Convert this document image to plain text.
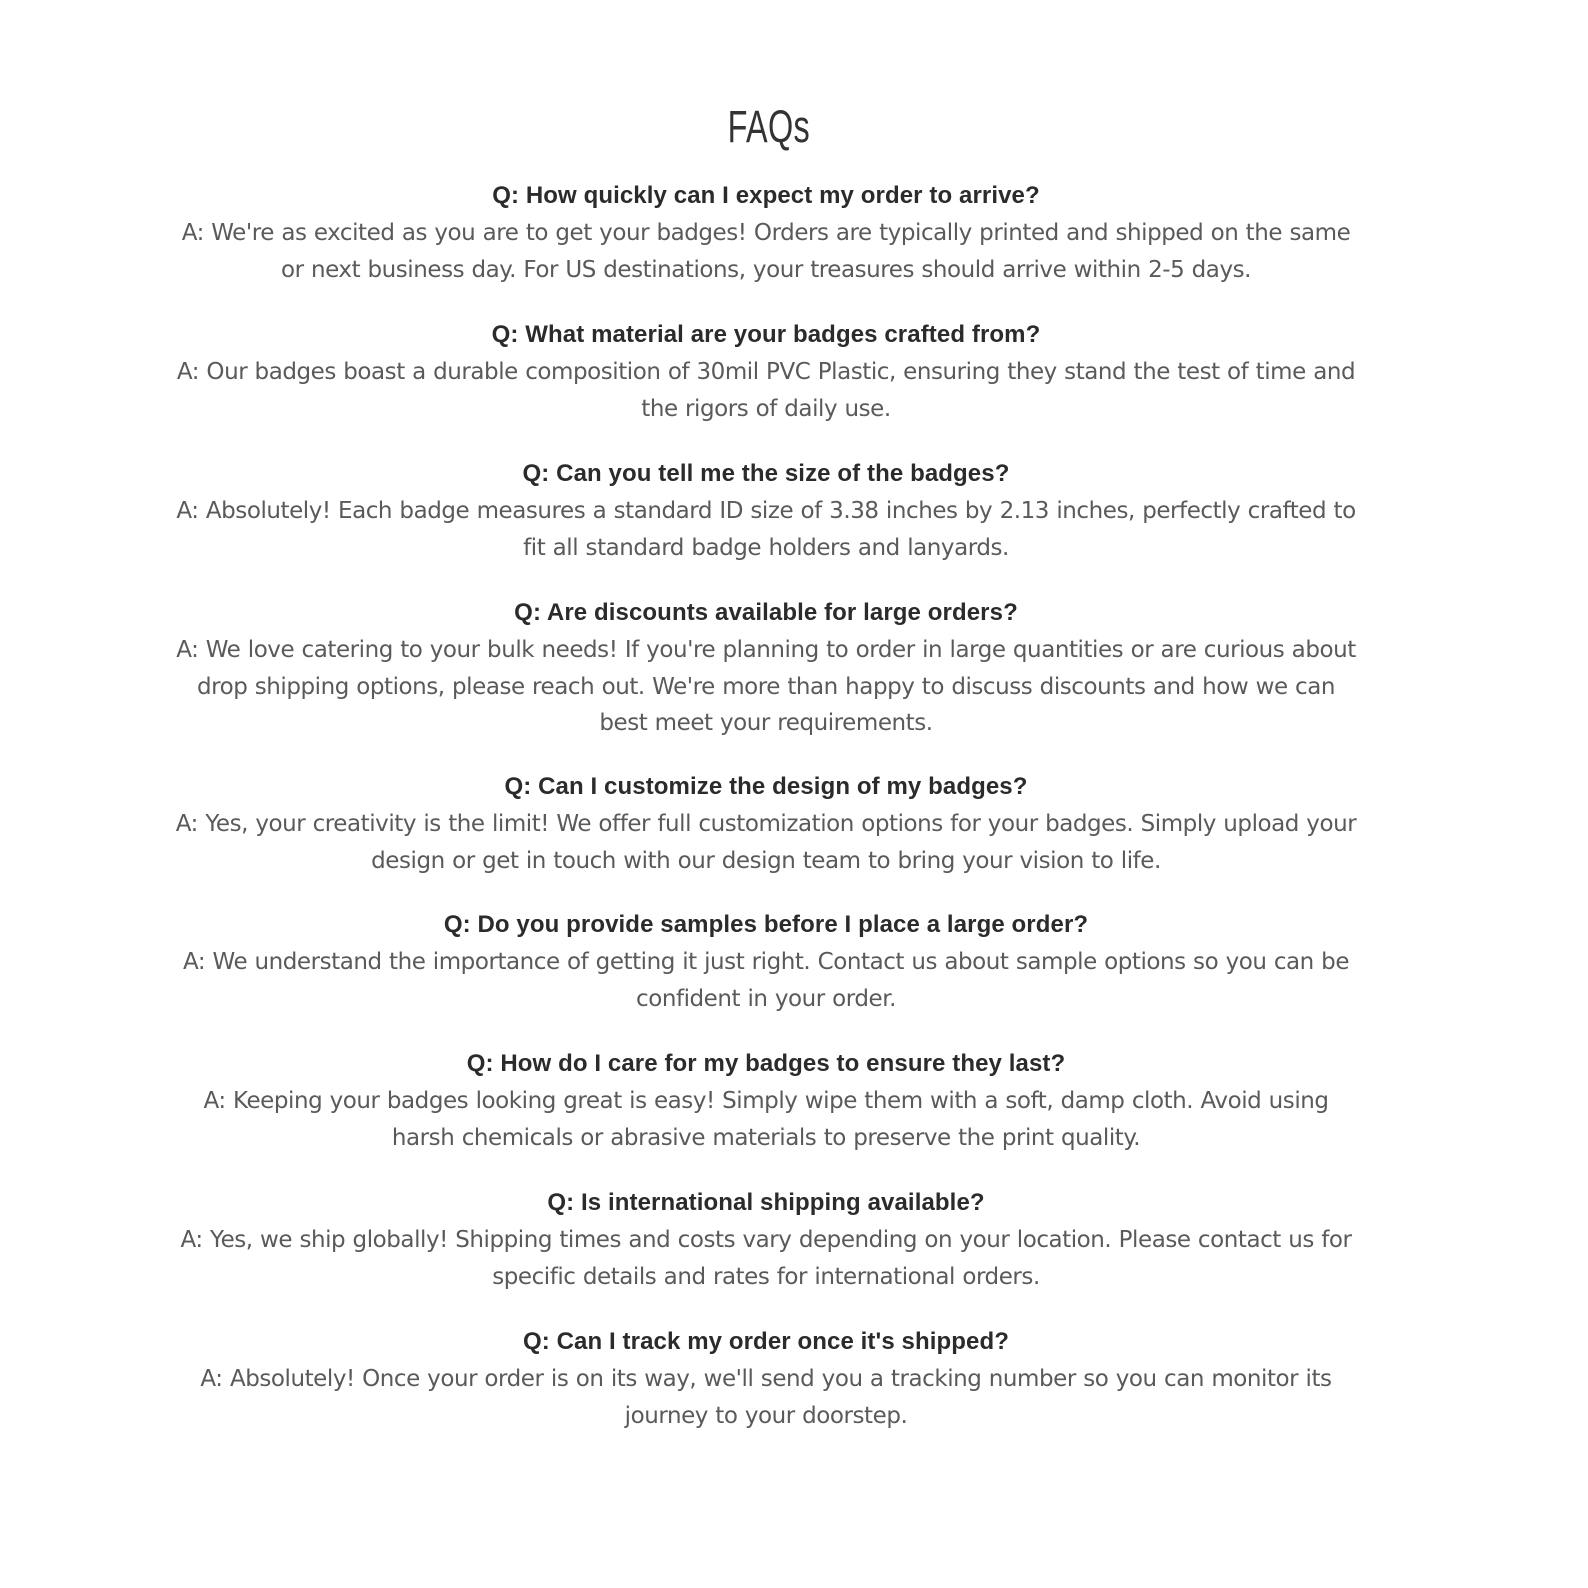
FAQs

Q: How quickly can I expect my order to arrive?

A: We're as excited as you are to get your badges! Orders are typically printed and shipped on the same or next business day. For US destinations, your treasures should arrive within 2-5 days.

Q: What material are your badges crafted from?

A: Our badges boast a durable composition of 30mil PVC Plastic, ensuring they stand the test of time and the rigors of daily use.

Q: Can you tell me the size of the badges?

A: Absolutely! Each badge measures a standard ID size of 3.38 inches by 2.13 inches, perfectly crafted to fit all standard badge holders and lanyards.

Q: Are discounts available for large orders?

A: We love catering to your bulk needs! If you're planning to order in large quantities or are curious about drop shipping options, please reach out. We're more than happy to discuss discounts and how we can best meet your requirements.

Q: Can I customize the design of my badges?

A: Yes, your creativity is the limit! We offer full customization options for your badges. Simply upload your design or get in touch with our design team to bring your vision to life.

Q: Do you provide samples before I place a large order?

A: We understand the importance of getting it just right. Contact us about sample options so you can be confident in your order.

Q: How do I care for my badges to ensure they last?

A: Keeping your badges looking great is easy! Simply wipe them with a soft, damp cloth. Avoid using harsh chemicals or abrasive materials to preserve the print quality.

Q: Is international shipping available?

A: Yes, we ship globally! Shipping times and costs vary depending on your location. Please contact us for specific details and rates for international orders.

Q: Can I track my order once it's shipped?

A: Absolutely! Once your order is on its way, we'll send you a tracking number so you can monitor its journey to your doorstep.
